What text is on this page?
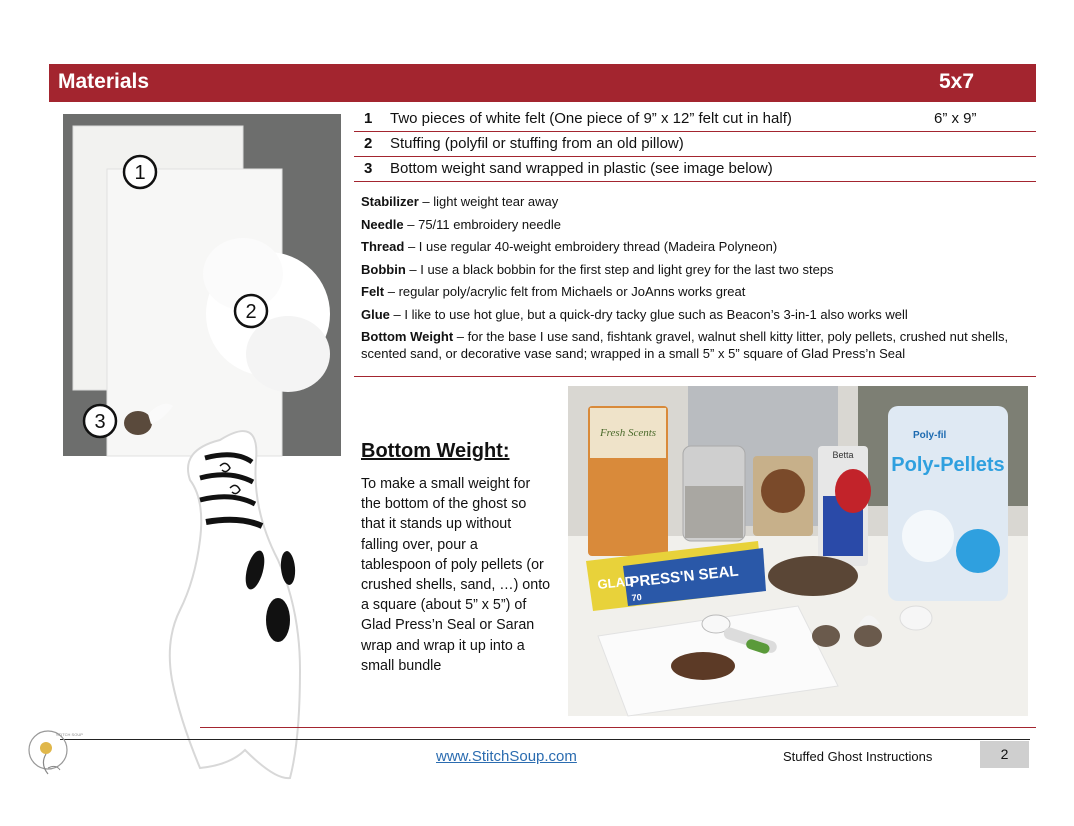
Materials	5x7
1 Two pieces of white felt (One piece of 9” x 12” felt cut in half)	6” x 9”
2 Stuffing (polyfil or stuffing from an old pillow)
3 Bottom weight sand wrapped in plastic (see image below)

Stabilizer – light weight tear away

Needle – 75/11 embroidery needle

Thread – I use regular 40-weight embroidery thread (Madeira Polyneon)

Bobbin – I use a black bobbin for the first step and light grey for the last two steps

Felt – regular poly/acrylic felt from Michaels or JoAnns works great

Glue – I like to use hot glue, but a quick-dry tacky glue such as Beacon’s 3-in-1 also works well

Bottom Weight – for the base I use sand, fishtank gravel, walnut shell kitty litter, poly pellets, crushed nut shells, scented sand, or decorative vase sand; wrapped in a small 5” x 5” square of Glad Press’n Seal

1
2
3
Bottom Weight:
To make a small weight for the bottom of the ghost so that it stands up without falling over, pour a tablespoon of poly pellets (or crushed shells, sand, …) onto a square (about 5” x 5”) of Glad Press’n Seal or Saran wrap and wrap it up into a small bundle
Fresh Scents
Betta
Poly-fil
Poly-Pellets
GLAD
PRESS'N SEAL
70
STITCH SOUP
www.StitchSoup.com	Stuffed Ghost Instructions	2
